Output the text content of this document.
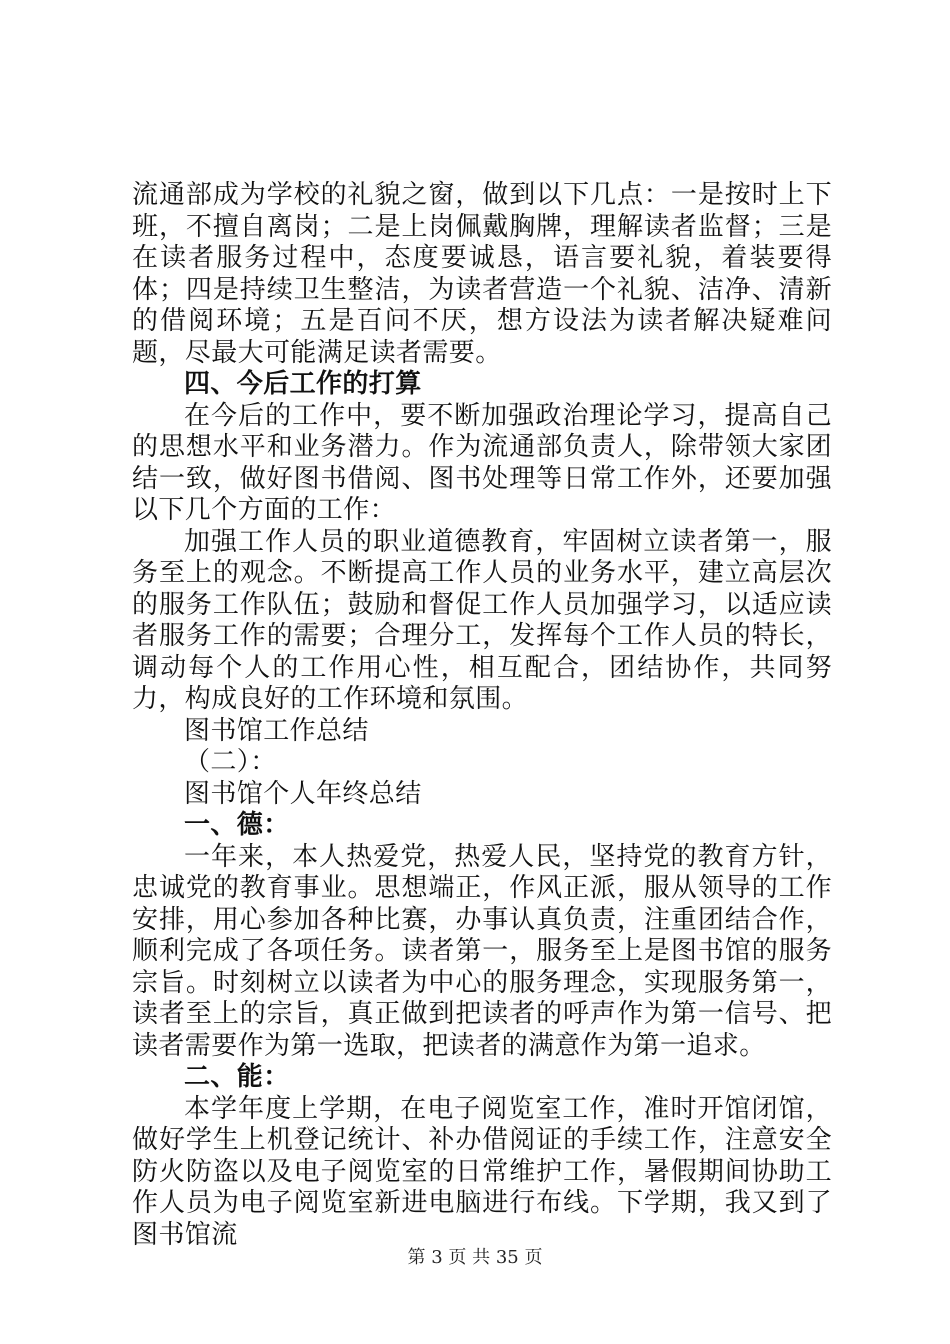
流通部成为学校的礼貌之窗，做到以下几点：一是按时上下班，不擅自离岗；二是上岗佩戴胸牌，理解读者监督；三是在读者服务过程中，态度要诚恳，语言要礼貌，着装要得体；四是持续卫生整洁，为读者营造一个礼貌、洁净、清新的借阅环境；五是百问不厌，想方设法为读者解决疑难问题，尽最大可能满足读者需要。

四、今后工作的打算

在今后的工作中，要不断加强政治理论学习，提高自己的思想水平和业务潜力。作为流通部负责人，除带领大家团结一致，做好图书借阅、图书处理等日常工作外，还要加强以下几个方面的工作：

加强工作人员的职业道德教育，牢固树立读者第一，服务至上的观念。不断提高工作人员的业务水平，建立高层次的服务工作队伍；鼓励和督促工作人员加强学习，以适应读者服务工作的需要；合理分工，发挥每个工作人员的特长，调动每个人的工作用心性，相互配合，团结协作，共同努力，构成良好的工作环境和氛围。

图书馆工作总结

（二）：

图书馆个人年终总结

一、德：

一年来，本人热爱党，热爱人民，坚持党的教育方针，忠诚党的教育事业。思想端正，作风正派，服从领导的工作安排，用心参加各种比赛，办事认真负责，注重团结合作，顺利完成了各项任务。读者第一，服务至上是图书馆的服务宗旨。时刻树立以读者为中心的服务理念，实现服务第一，读者至上的宗旨，真正做到把读者的呼声作为第一信号、把读者需要作为第一选取，把读者的满意作为第一追求。

二、能：

本学年度上学期，在电子阅览室工作，准时开馆闭馆，做好学生上机登记统计、补办借阅证的手续工作，注意安全防火防盗以及电子阅览室的日常维护工作，暑假期间协助工作人员为电子阅览室新进电脑进行布线。下学期，我又到了图书馆流

第 3 页 共 35 页
